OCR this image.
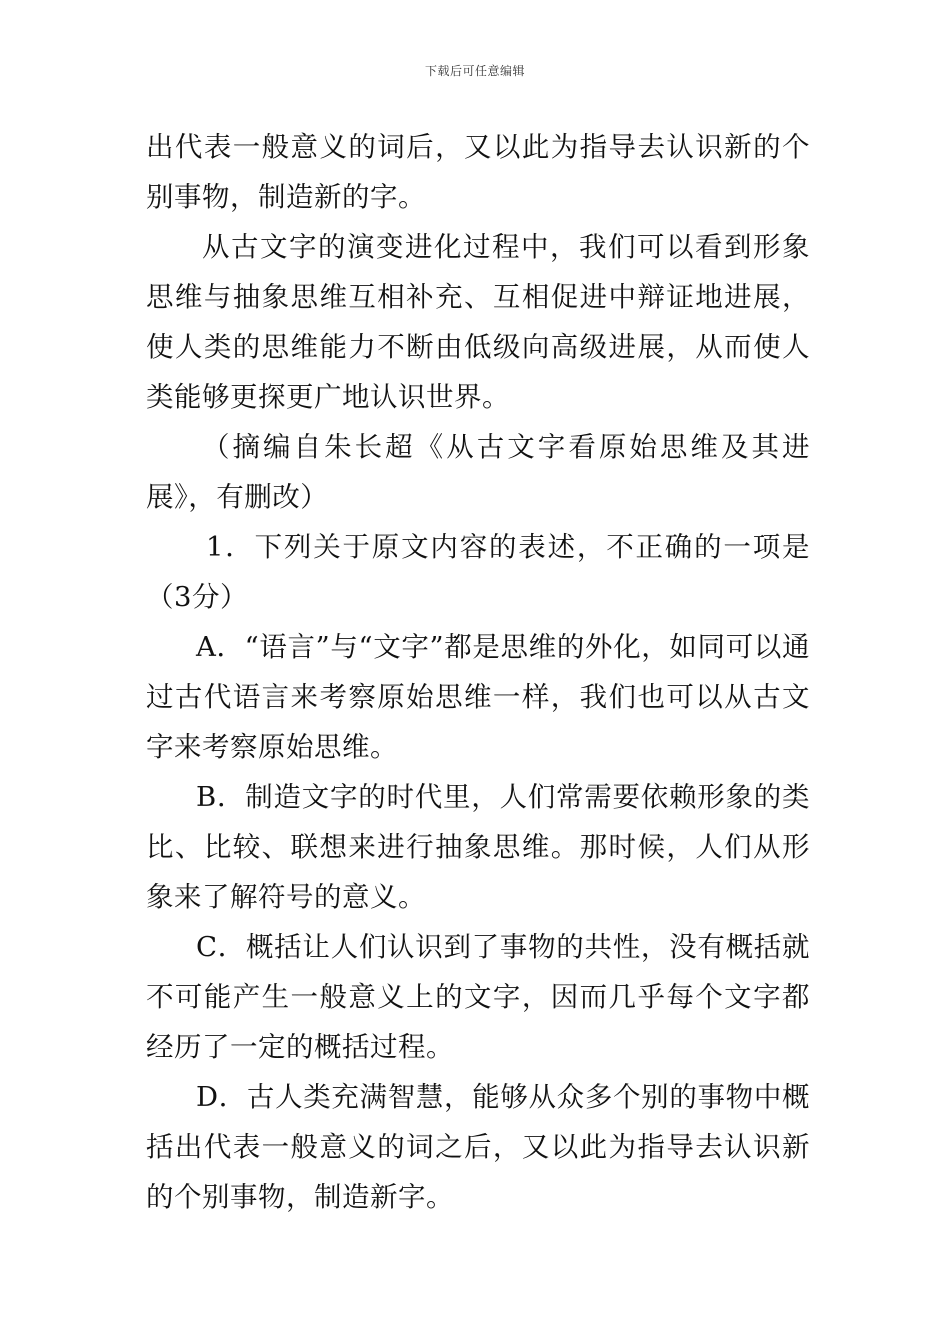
下载后可任意编辑

出代表一般意义的词后，又以此为指导去认识新的个别事物，制造新的字。

从古文字的演变进化过程中，我们可以看到形象思维与抽象思维互相补充、互相促进中辩证地进展，使人类的思维能力不断由低级向高级进展，从而使人类能够更探更广地认识世界。

（摘编自朱长超《从古文字看原始思维及其进展》，有删改）

1．下列关于原文内容的表述，不正确的一项是（3分）

A．“语言”与“文字”都是思维的外化，如同可以通过古代语言来考察原始思维一样，我们也可以从古文字来考察原始思维。

B．制造文字的时代里，人们常需要依赖形象的类比、比较、联想来进行抽象思维。那时候，人们从形象来了解符号的意义。

C．概括让人们认识到了事物的共性，没有概括就不可能产生一般意义上的文字，因而几乎每个文字都经历了一定的概括过程。

D．古人类充满智慧，能够从众多个别的事物中概括出代表一般意义的词之后，又以此为指导去认识新的个别事物，制造新字。
